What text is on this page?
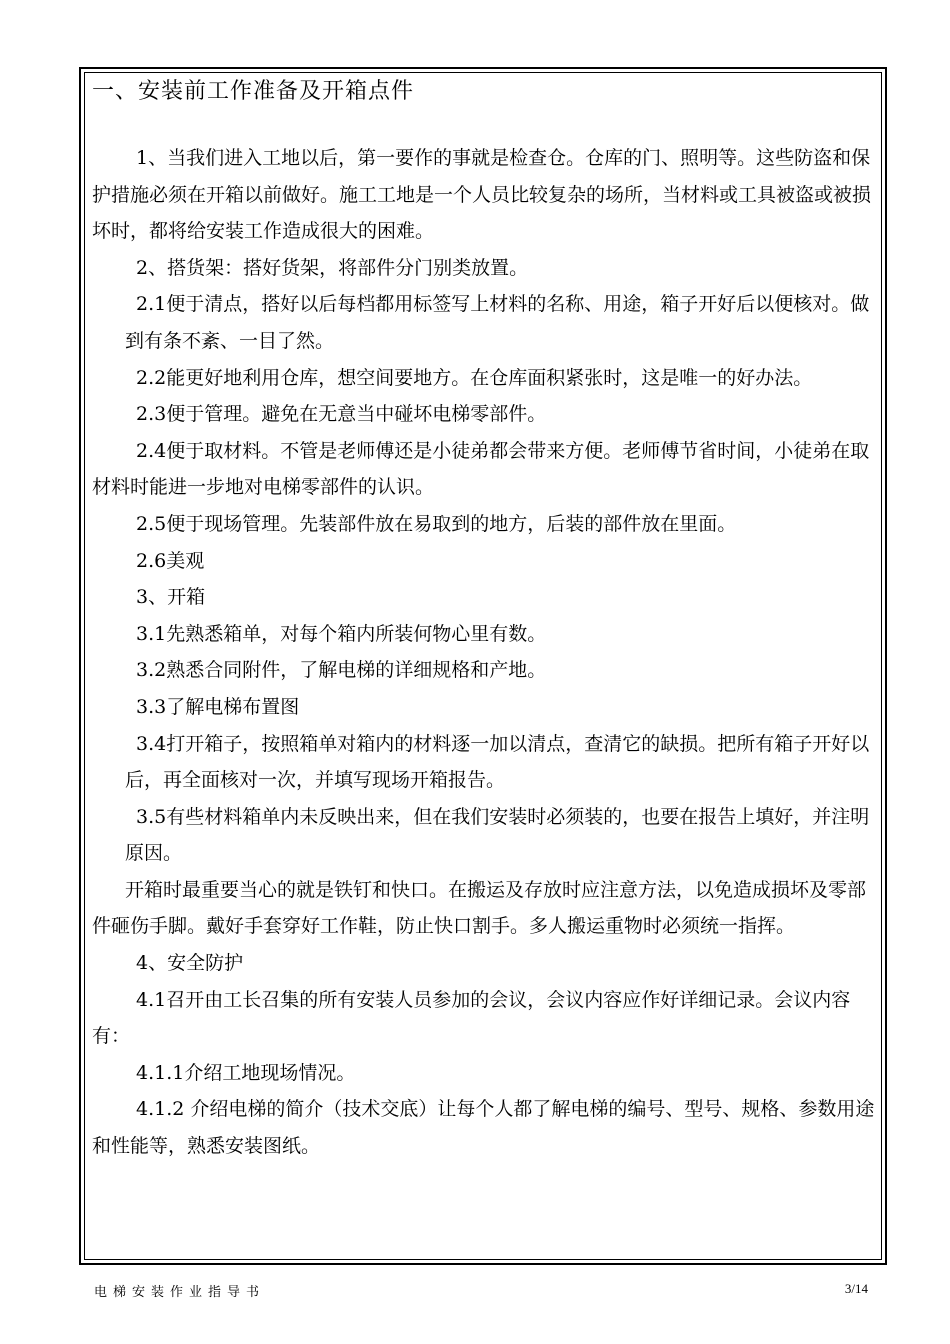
一、安装前工作准备及开箱点件

1、当我们进入工地以后，第一要作的事就是检查仓。仓库的门、照明等。这些防盗和保护措施必须在开箱以前做好。施工工地是一个人员比较复杂的场所，当材料或工具被盗或被损坏时，都将给安装工作造成很大的困难。

2、搭货架：搭好货架，将部件分门别类放置。

2.1便于清点，搭好以后每档都用标签写上材料的名称、用途，箱子开好后以便核对。做到有条不紊、一目了然。

2.2能更好地利用仓库，想空间要地方。在仓库面积紧张时，这是唯一的好办法。

2.3便于管理。避免在无意当中碰坏电梯零部件。

2.4便于取材料。不管是老师傅还是小徒弟都会带来方便。老师傅节省时间，小徒弟在取材料时能进一步地对电梯零部件的认识。

2.5便于现场管理。先装部件放在易取到的地方，后装的部件放在里面。

2.6美观

3、开箱

3.1先熟悉箱单，对每个箱内所装何物心里有数。

3.2熟悉合同附件，了解电梯的详细规格和产地。

3.3了解电梯布置图

3.4打开箱子，按照箱单对箱内的材料逐一加以清点，查清它的缺损。把所有箱子开好以后，再全面核对一次，并填写现场开箱报告。

3.5有些材料箱单内未反映出来，但在我们安装时必须装的，也要在报告上填好，并注明原因。

开箱时最重要当心的就是铁钉和快口。在搬运及存放时应注意方法，以免造成损坏及零部件砸伤手脚。戴好手套穿好工作鞋，防止快口割手。多人搬运重物时必须统一指挥。

4、安全防护

4.1召开由工长召集的所有安装人员参加的会议，会议内容应作好详细记录。会议内容有：

4.1.1介绍工地现场情况。

4.1.2 介绍电梯的简介（技术交底）让每个人都了解电梯的编号、型号、规格、参数用途和性能等，熟悉安装图纸。

电梯安装作业指导书	3/14
